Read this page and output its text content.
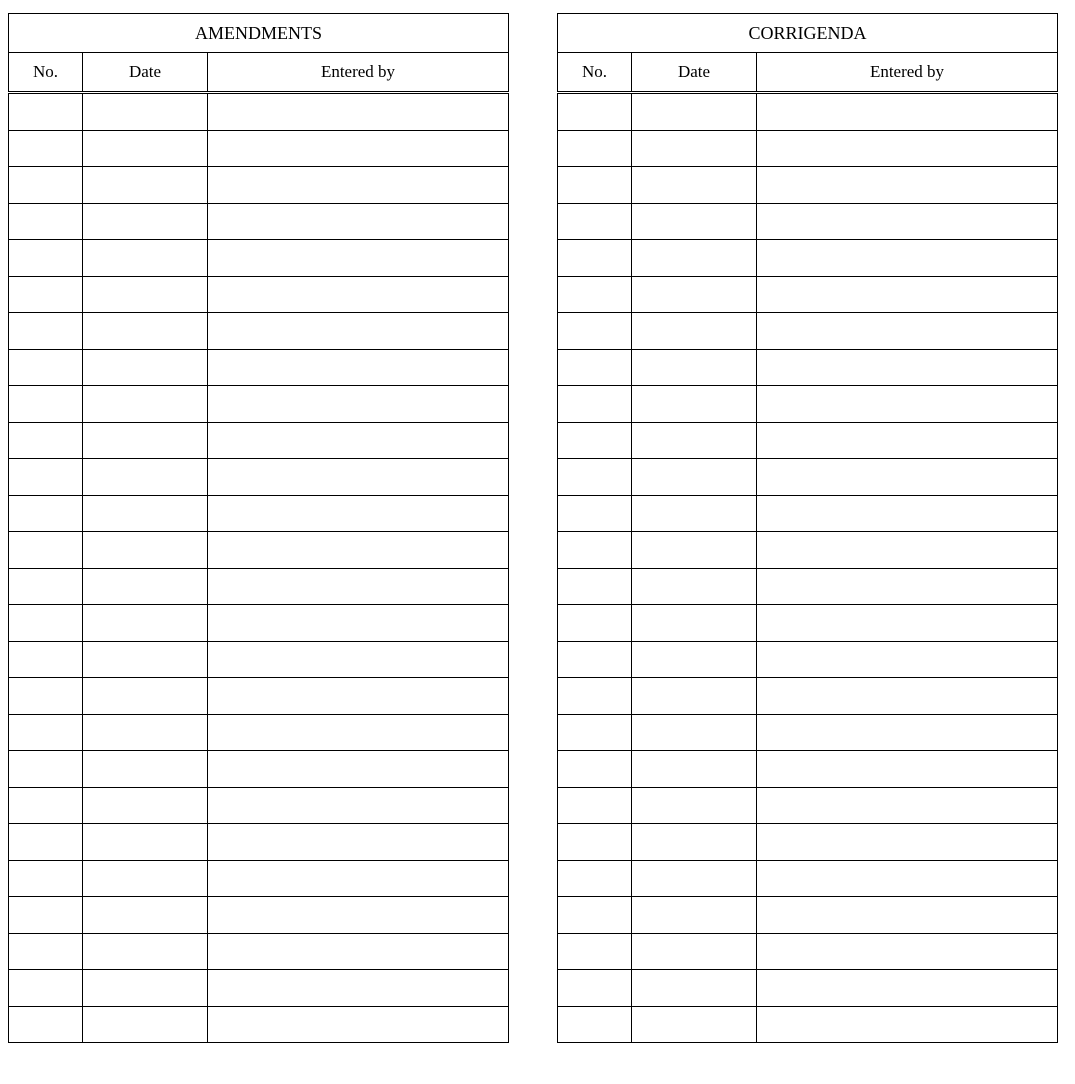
AMENDMENTS		
No.	Date	Entered by

CORRIGENDA		
No.	Date	Entered by
